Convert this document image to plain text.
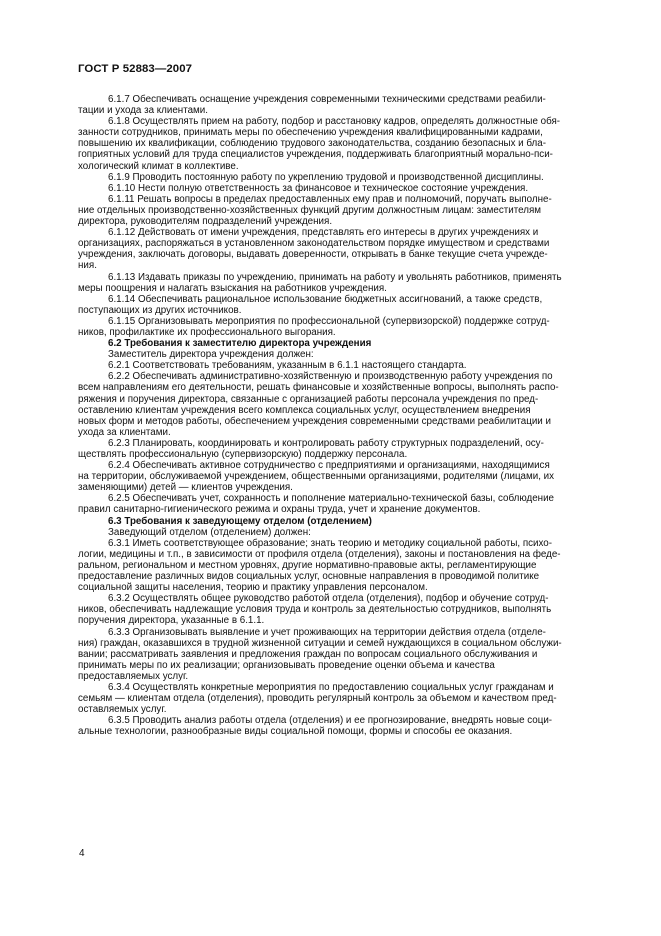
ГОСТ Р 52883—2007

6.1.7 Обеспечивать оснащение учреждения современными техническими средствами реабили-
тации и ухода за клиентами.

6.1.8 Осуществлять прием на работу, подбор и расстановку кадров, определять должностные обя-
занности сотрудников, принимать меры по обеспечению учреждения квалифицированными кадрами,
повышению их квалификации, соблюдению трудового законодательства, созданию безопасных и бла-
гоприятных условий для труда специалистов учреждения, поддерживать благоприятный морально-пси-
хологический климат в коллективе.

6.1.9 Проводить постоянную работу по укреплению трудовой и производственной дисциплины.

6.1.10 Нести полную ответственность за финансовое и техническое состояние учреждения.

6.1.11 Решать вопросы в пределах предоставленных ему прав и полномочий, поручать выполне-
ние отдельных производственно-хозяйственных функций другим должностным лицам: заместителям
директора, руководителям подразделений учреждения.

6.1.12 Действовать от имени учреждения, представлять его интересы в других учреждениях и
организациях, распоряжаться в установленном законодательством порядке имуществом и средствами
учреждения, заключать договоры, выдавать доверенности, открывать в банке текущие счета учрежде-
ния.

6.1.13 Издавать приказы по учреждению, принимать на работу и увольнять работников, применять
меры поощрения и налагать взыскания на работников учреждения.

6.1.14 Обеспечивать рациональное использование бюджетных ассигнований, а также средств,
поступающих из других источников.

6.1.15 Организовывать мероприятия по профессиональной (супервизорской) поддержке сотруд-
ников, профилактике их профессионального выгорания.

6.2 Требования к заместителю директора учреждения

Заместитель директора учреждения должен:

6.2.1 Соответствовать требованиям, указанным в 6.1.1 настоящего стандарта.

6.2.2 Обеспечивать административно-хозяйственную и производственную работу учреждения по
всем направлениям его деятельности, решать финансовые и хозяйственные вопросы, выполнять распо-
ряжения и поручения директора, связанные с организацией работы персонала учреждения по пред-
оставлению клиентам учреждения всего комплекса социальных услуг, осуществлением внедрения
новых форм и методов работы, обеспечением учреждения современными средствами реабилитации и
ухода за клиентами.

6.2.3 Планировать, координировать и контролировать работу структурных подразделений, осу-
ществлять профессиональную (супервизорскую) поддержку персонала.

6.2.4 Обеспечивать активное сотрудничество с предприятиями и организациями, находящимися
на территории, обслуживаемой учреждением, общественными организациями, родителями (лицами, их
заменяющими) детей — клиентов учреждения.

6.2.5 Обеспечивать учет, сохранность и пополнение материально-технической базы, соблюдение
правил санитарно-гигиенического режима и охраны труда, учет и хранение документов.

6.3 Требования к заведующему отделом (отделением)

Заведующий отделом (отделением) должен:

6.3.1 Иметь соответствующее образование; знать теорию и методику социальной работы, психо-
логии, медицины и т.п., в зависимости от профиля отдела (отделения), законы и постановления на феде-
ральном, региональном и местном уровнях, другие нормативно-правовые акты, регламентирующие
предоставление различных видов социальных услуг, основные направления в проводимой политике
социальной защиты населения, теорию и практику управления персоналом.

6.3.2 Осуществлять общее руководство работой отдела (отделения), подбор и обучение сотруд-
ников, обеспечивать надлежащие условия труда и контроль за деятельностью сотрудников, выполнять
поручения директора, указанные в 6.1.1.

6.3.3 Организовывать выявление и учет проживающих на территории действия отдела (отделе-
ния) граждан, оказавшихся в трудной жизненной ситуации и семей нуждающихся в социальном обслужи-
вании; рассматривать заявления и предложения граждан по вопросам социального обслуживания и
принимать меры по их реализации; организовывать проведение оценки объема и качества
предоставляемых услуг.

6.3.4 Осуществлять конкретные мероприятия по предоставлению социальных услуг гражданам и
семьям — клиентам отдела (отделения), проводить регулярный контроль за объемом и качеством пред-
оставляемых услуг.

6.3.5 Проводить анализ работы отдела (отделения) и ее прогнозирование, внедрять новые соци-
альные технологии, разнообразные виды социальной помощи, формы и способы ее оказания.

4
